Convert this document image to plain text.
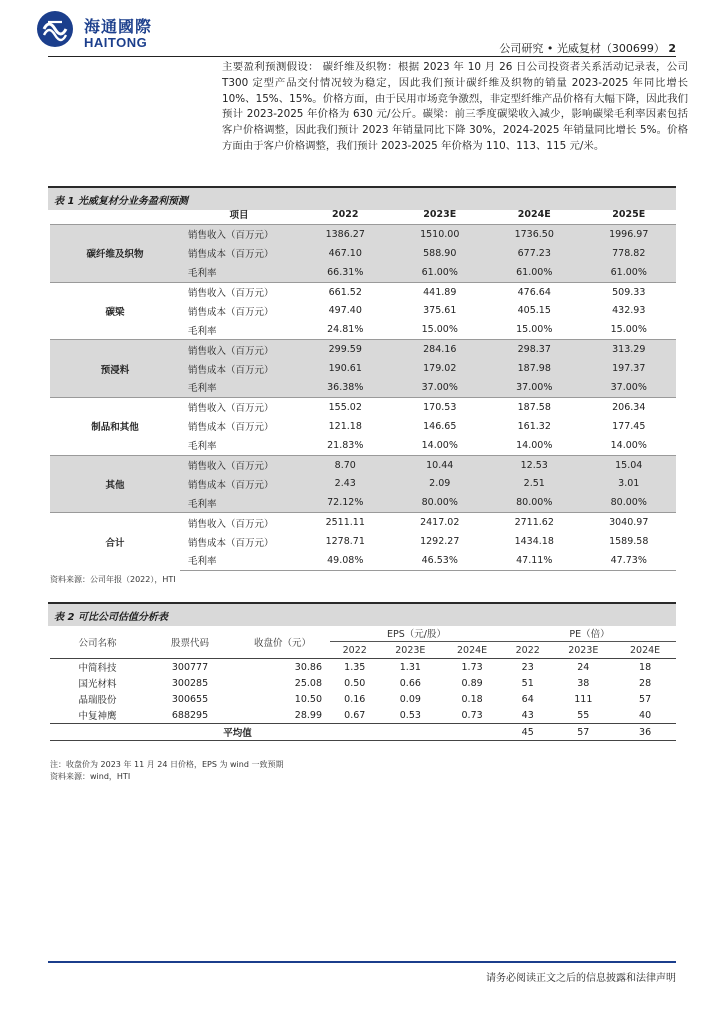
海通國際
HAITONG	公司研究 • 光威复材（300699） 2
主要盈利预测假设： 碳纤维及织物：根据 2023 年 10 月 26 日公司投资者关系活动记录表，公司 T300 定型产品交付情况较为稳定，因此我们预计碳纤维及织物的销量 2023-2025 年同比增长 10%、15%、15%。价格方面，由于民用市场竞争激烈，非定型纤维产品价格有大幅下降，因此我们预计 2023-2025 年价格为 630 元/公斤。碳梁：前三季度碳梁收入减少，影响碳梁毛利率因素包括客户价格调整，因此我们预计 2023 年销量同比下降 30%，2024-2025 年销量同比增长 5%。价格方面由于客户价格调整，我们预计 2023-2025 年价格为 110、113、115 元/米。
表 1 光威复材分业务盈利预测
	项目	2022	2023E	2024E	2025E
碳纤维及织物	销售收入（百万元）	1386.27	1510.00	1736.50	1996.97
	销售成本（百万元）	467.10	588.90	677.23	778.82
	毛利率	66.31%	61.00%	61.00%	61.00%
碳梁	销售收入（百万元）	661.52	441.89	476.64	509.33
	销售成本（百万元）	497.40	375.61	405.15	432.93
	毛利率	24.81%	15.00%	15.00%	15.00%
预浸料	销售收入（百万元）	299.59	284.16	298.37	313.29
	销售成本（百万元）	190.61	179.02	187.98	197.37
	毛利率	36.38%	37.00%	37.00%	37.00%
制品和其他	销售收入（百万元）	155.02	170.53	187.58	206.34
	销售成本（百万元）	121.18	146.65	161.32	177.45
	毛利率	21.83%	14.00%	14.00%	14.00%
其他	销售收入（百万元）	8.70	10.44	12.53	15.04
	销售成本（百万元）	2.43	2.09	2.51	3.01
	毛利率	72.12%	80.00%	80.00%	80.00%
合计	销售收入（百万元）	2511.11	2417.02	2711.62	3040.97
	销售成本（百万元）	1278.71	1292.27	1434.18	1589.58
	毛利率	49.08%	46.53%	47.11%	47.73%
资料来源：公司年报（2022），HTI
表 2 可比公司估值分析表
公司名称	股票代码	收盘价（元）	EPS（元/股）			PE（倍）		
			2022	2023E	2024E	2022	2023E	2024E
中简科技	300777	30.86	1.35	1.31	1.73	23	24	18
国光材料	300285	25.08	0.50	0.66	0.89	51	38	28
晶瑞股份	300655	10.50	0.16	0.09	0.18	64	111	57
中复神鹰	688295	28.99	0.67	0.53	0.73	43	55	40
	平均值					45	57	36
注：收盘价为 2023 年 11 月 24 日价格，EPS 为 wind 一致预期
资料来源：wind，HTI
请务必阅读正文之后的信息披露和法律声明
